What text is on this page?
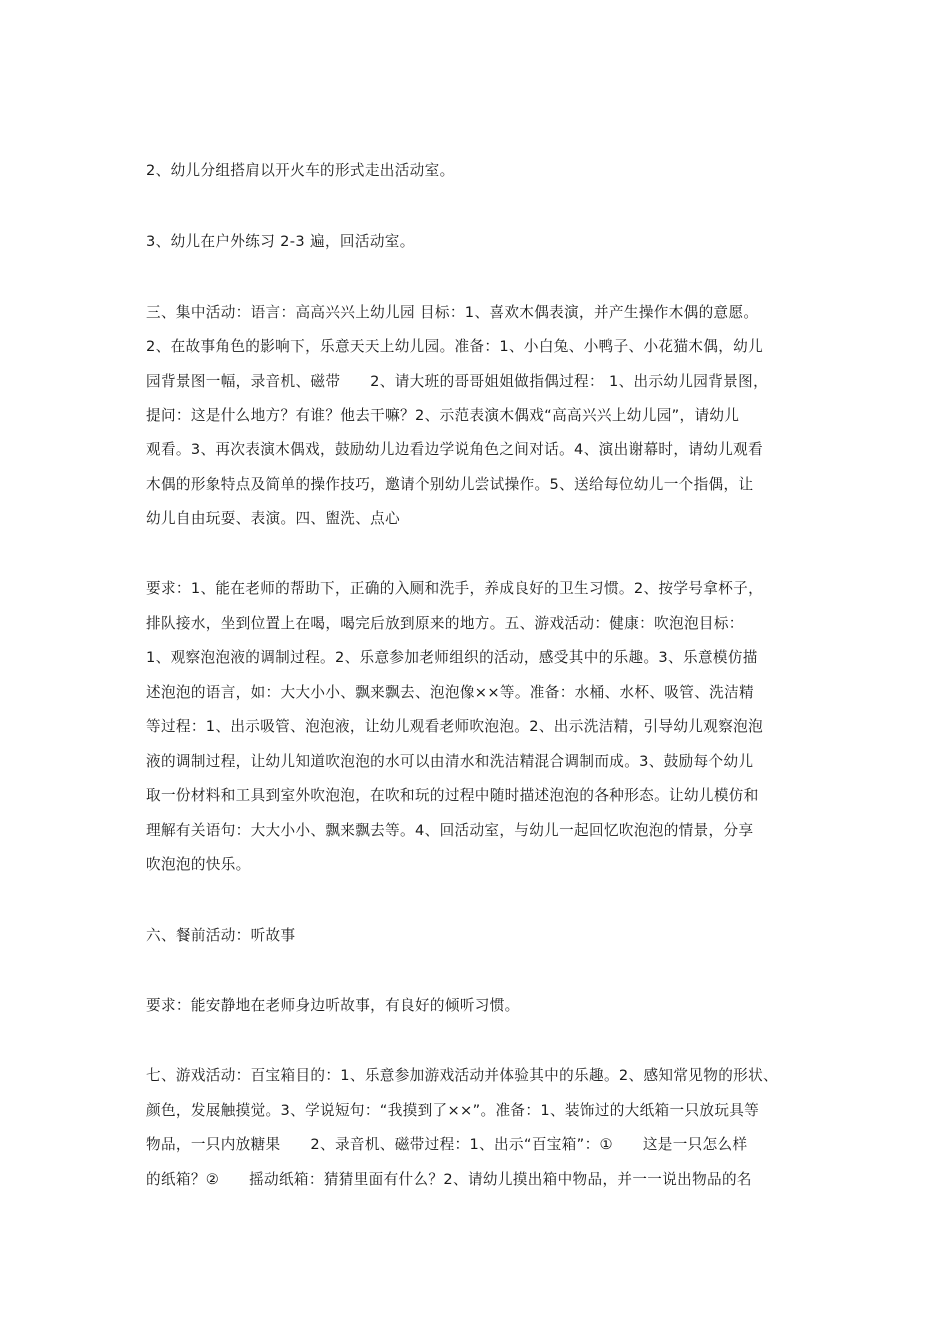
2、幼儿分组搭肩以开火车的形式走出活动室。
3、幼儿在户外练习 2-3 遍，回活动室。
三、集中活动：语言：高高兴兴上幼儿园 目标：1、喜欢木偶表演，并产生操作木偶的意愿。
2、在故事角色的影响下，乐意天天上幼儿园。准备：1、小白兔、小鸭子、小花猫木偶，幼儿
园背景图一幅，录音机、磁带　　2、请大班的哥哥姐姐做指偶过程： 1、出示幼儿园背景图，
提问：这是什么地方？有谁？他去干嘛？2、示范表演木偶戏“高高兴兴上幼儿园”，请幼儿
观看。3、再次表演木偶戏，鼓励幼儿边看边学说角色之间对话。4、演出谢幕时，请幼儿观看
木偶的形象特点及简单的操作技巧，邀请个别幼儿尝试操作。5、送给每位幼儿一个指偶，让
幼儿自由玩耍、表演。四、盥洗、点心
要求：1、能在老师的帮助下，正确的入厕和洗手，养成良好的卫生习惯。2、按学号拿杯子，
排队接水，坐到位置上在喝，喝完后放到原来的地方。五、游戏活动：健康：吹泡泡目标：
1、观察泡泡液的调制过程。2、乐意参加老师组织的活动，感受其中的乐趣。3、乐意模仿描
述泡泡的语言，如：大大小小、飘来飘去、泡泡像××等。准备：水桶、水杯、吸管、洗洁精
等过程：1、出示吸管、泡泡液，让幼儿观看老师吹泡泡。2、出示洗洁精，引导幼儿观察泡泡
液的调制过程，让幼儿知道吹泡泡的水可以由清水和洗洁精混合调制而成。3、鼓励每个幼儿
取一份材料和工具到室外吹泡泡，在吹和玩的过程中随时描述泡泡的各种形态。让幼儿模仿和
理解有关语句：大大小小、飘来飘去等。4、回活动室，与幼儿一起回忆吹泡泡的情景，分享
吹泡泡的快乐。
六、餐前活动：听故事
要求：能安静地在老师身边听故事，有良好的倾听习惯。
七、游戏活动：百宝箱目的：1、乐意参加游戏活动并体验其中的乐趣。2、感知常见物的形状、
颜色，发展触摸觉。3、学说短句：“我摸到了××”。准备：1、装饰过的大纸箱一只放玩具等
物品，一只内放糖果　　2、录音机、磁带过程：1、出示“百宝箱”：①　　这是一只怎么样
的纸箱？②　　摇动纸箱：猜猜里面有什么？2、请幼儿摸出箱中物品，并一一说出物品的名
